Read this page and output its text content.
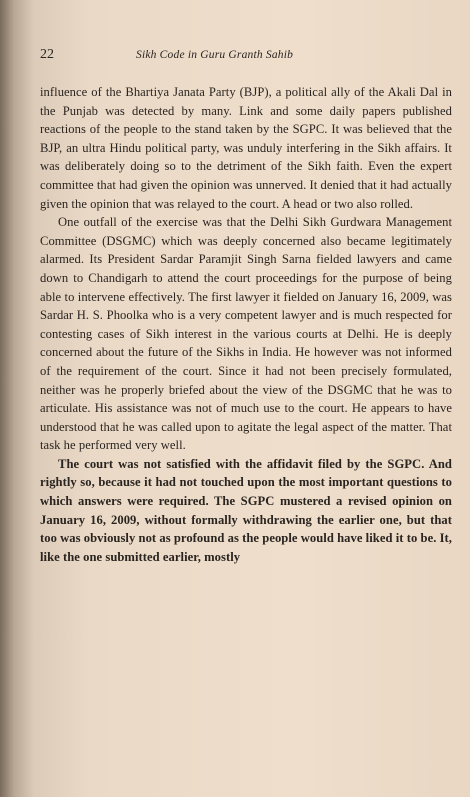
22	Sikh Code in Guru Granth Sahib

influence of the Bhartiya Janata Party (BJP), a political ally of the Akali Dal in the Punjab was detected by many. Link and some daily papers published reactions of the people to the stand taken by the SGPC. It was believed that the BJP, an ultra Hindu political party, was unduly interfering in the Sikh affairs. It was deliberately doing so to the detriment of the Sikh faith. Even the expert committee that had given the opinion was unnerved. It denied that it had actually given the opinion that was relayed to the court. A head or two also rolled.

One outfall of the exercise was that the Delhi Sikh Gurdwara Management Committee (DSGMC) which was deeply concerned also became legitimately alarmed. Its President Sardar Paramjit Singh Sarna fielded lawyers and came down to Chandigarh to attend the court proceedings for the purpose of being able to intervene effectively. The first lawyer it fielded on January 16, 2009, was Sardar H. S. Phoolka who is a very competent lawyer and is much respected for contesting cases of Sikh interest in the various courts at Delhi. He is deeply concerned about the future of the Sikhs in India. He however was not informed of the requirement of the court. Since it had not been precisely formulated, neither was he properly briefed about the view of the DSGMC that he was to articulate. His assistance was not of much use to the court. He appears to have understood that he was called upon to agitate the legal aspect of the matter. That task he performed very well.

The court was not satisfied with the affidavit filed by the SGPC. And rightly so, because it had not touched upon the most important questions to which answers were required. The SGPC mustered a revised opinion on January 16, 2009, without formally withdrawing the earlier one, but that too was obviously not as profound as the people would have liked it to be. It, like the one submitted earlier, mostly
